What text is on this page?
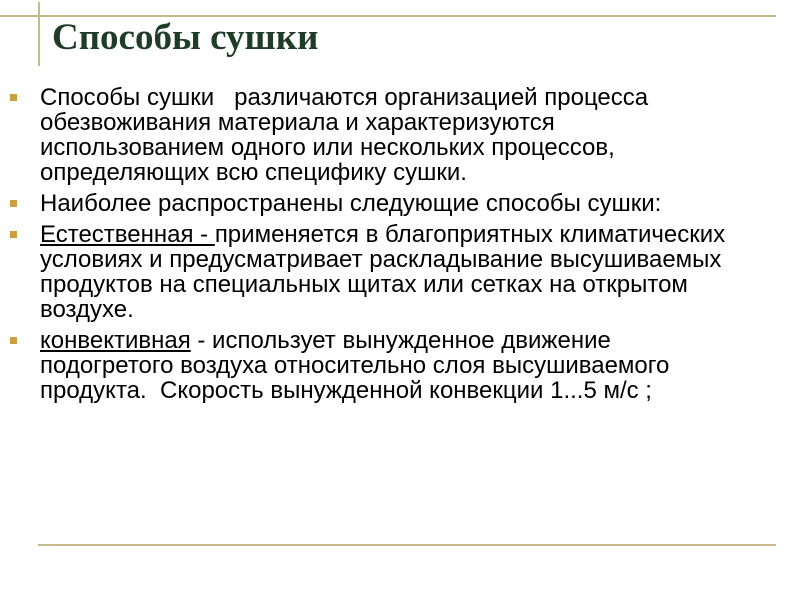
Способы сушки
Способы сушки   различаются организацией процесса обезвоживания материала и характеризуются использованием одного или нескольких процессов,  определяющих всю специфику сушки.
Наиболее распространены следующие способы сушки:
Естественная - применяется в благоприятных климатических условиях и предусматривает раскладывание высушиваемых продуктов на специальных щитах или сетках на открытом воздухе.
конвективная - использует вынужденное движение подогретого воздуха относительно слоя высушиваемого продукта.  Скорость вынужденной конвекции 1...5 м/с ;
